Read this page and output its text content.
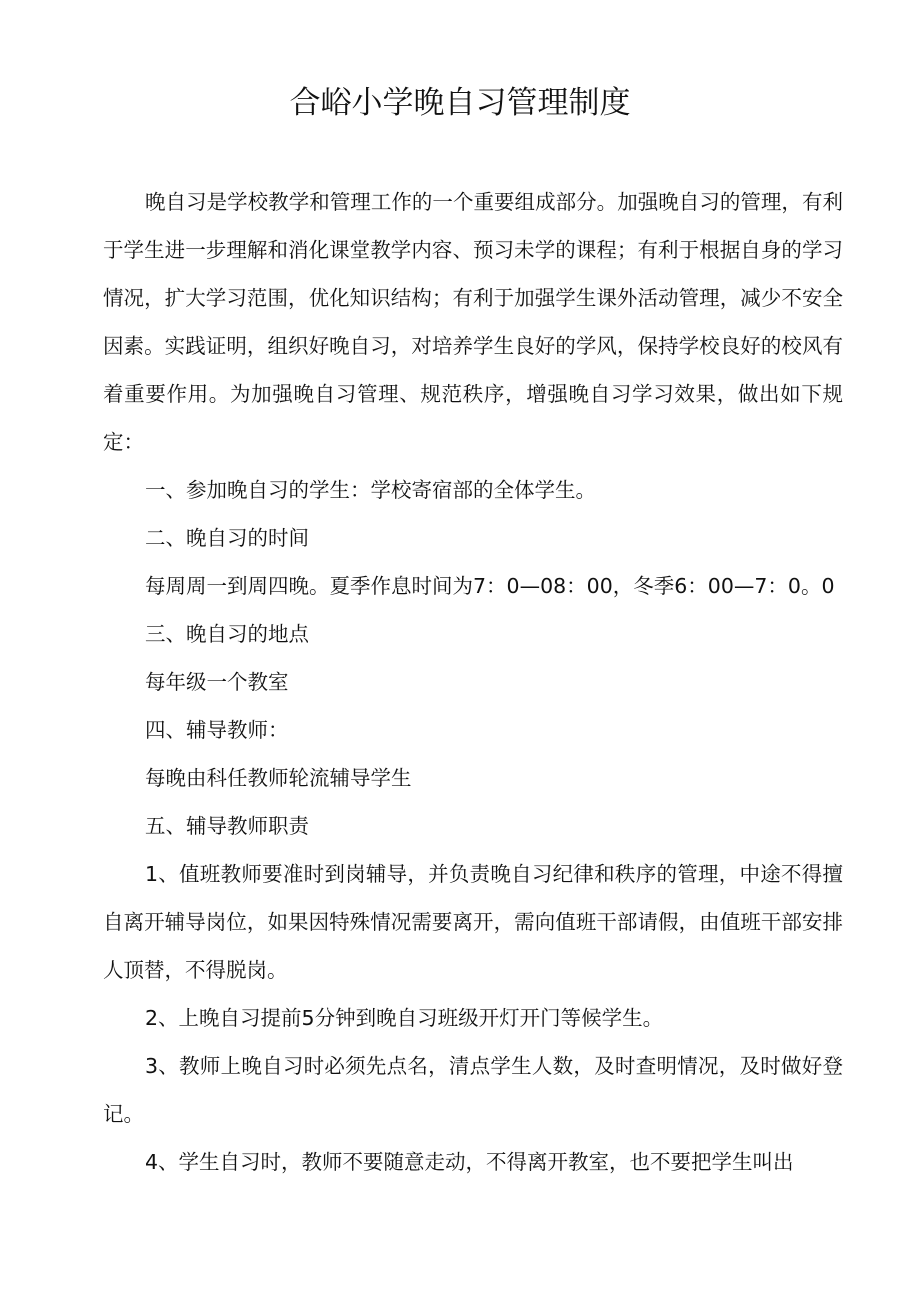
合峪小学晚自习管理制度

晚自习是学校教学和管理工作的一个重要组成部分。加强晚自习的管理，有利于学生进一步理解和消化课堂教学内容、预习未学的课程；有利于根据自身的学习情况，扩大学习范围，优化知识结构；有利于加强学生课外活动管理，减少不安全因素。实践证明，组织好晚自习，对培养学生良好的学风，保持学校良好的校风有着重要作用。为加强晚自习管理、规范秩序，增强晚自习学习效果，做出如下规定：

一、参加晚自习的学生：学校寄宿部的全体学生。

二、晚自习的时间

每周周一到周四晚。夏季作息时间为7：0—08：00，冬季6：00—7：0。0

三、晚自习的地点

每年级一个教室

四、辅导教师：

每晚由科任教师轮流辅导学生

五、辅导教师职责

1、值班教师要准时到岗辅导，并负责晚自习纪律和秩序的管理，中途不得擅自离开辅导岗位，如果因特殊情况需要离开，需向值班干部请假，由值班干部安排人顶替，不得脱岗。

2、上晚自习提前5分钟到晚自习班级开灯开门等候学生。

3、教师上晚自习时必须先点名，清点学生人数，及时查明情况，及时做好登记。

4、学生自习时，教师不要随意走动，不得离开教室，也不要把学生叫出
